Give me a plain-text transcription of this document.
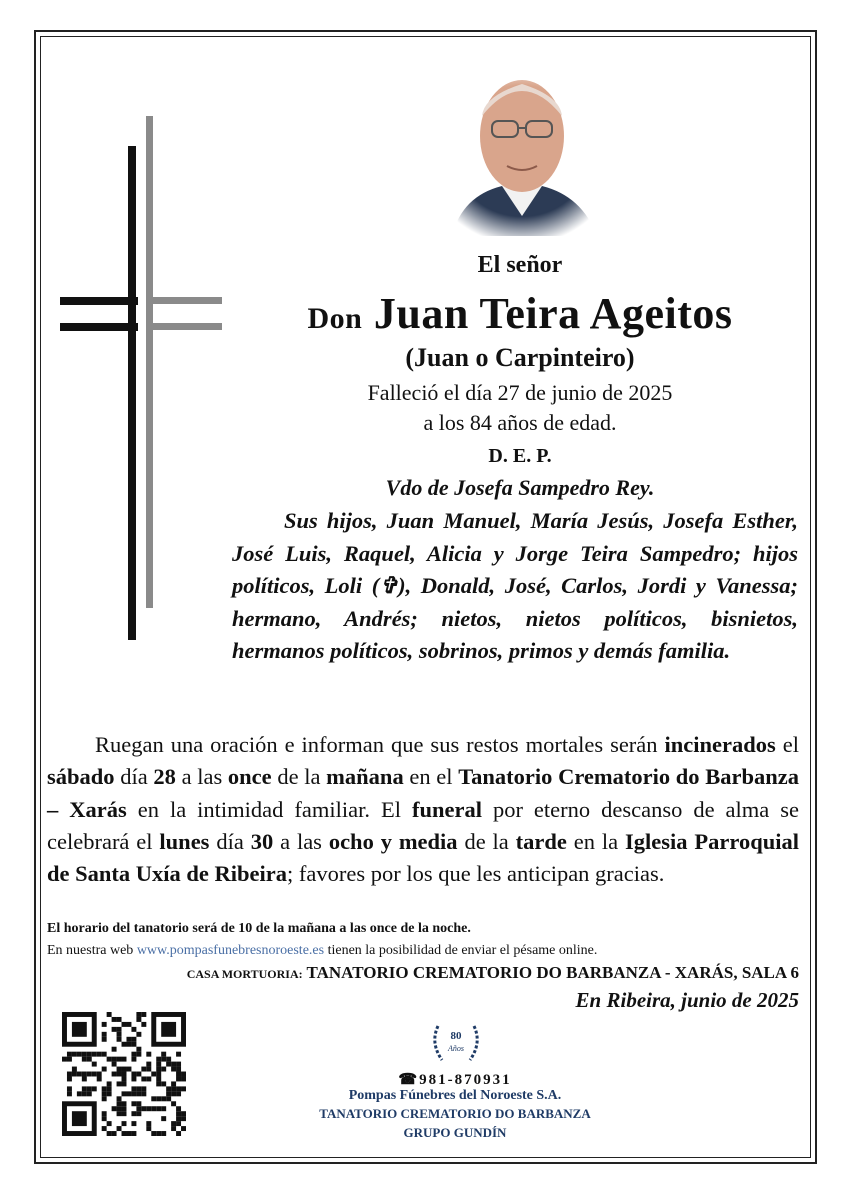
El señor
Don Juan Teira Ageitos
(Juan o Carpinteiro)
Falleció el día 27 de junio de 2025
a los 84 años de edad.
D. E. P.
Vdo de Josefa Sampedro Rey.
Sus hijos, Juan Manuel, María Jesús, Josefa Esther, José Luis, Raquel, Alicia y Jorge Teira Sampedro; hijos políticos, Loli (✞), Donald, José, Carlos, Jordi y Vanessa; hermano, Andrés; nietos, nietos políticos, bisnietos, hermanos políticos, sobrinos, primos y demás familia.
Ruegan una oración e informan que sus restos mortales serán incinerados el sábado día 28 a las once de la mañana en el Tanatorio Crematorio do Barbanza – Xarás en la intimidad familiar. El funeral por eterno descanso de alma se celebrará el lunes día 30 a las ocho y media de la tarde en la Iglesia Parroquial de Santa Uxía de Ribeira; favores por los que les anticipan gracias.
El horario del tanatorio será de 10 de la mañana a las once de la noche.
En nuestra web www.pompasfunebresnoroeste.es tienen la posibilidad de enviar el pésame online.
CASA MORTUORIA: TANATORIO CREMATORIO DO BARBANZA - XARÁS, SALA 6
En Ribeira, junio de 2025
80
Años
☎981-870931
Pompas Fúnebres del Noroeste S.A.
TANATORIO CREMATORIO DO BARBANZA
GRUPO GUNDÍN
